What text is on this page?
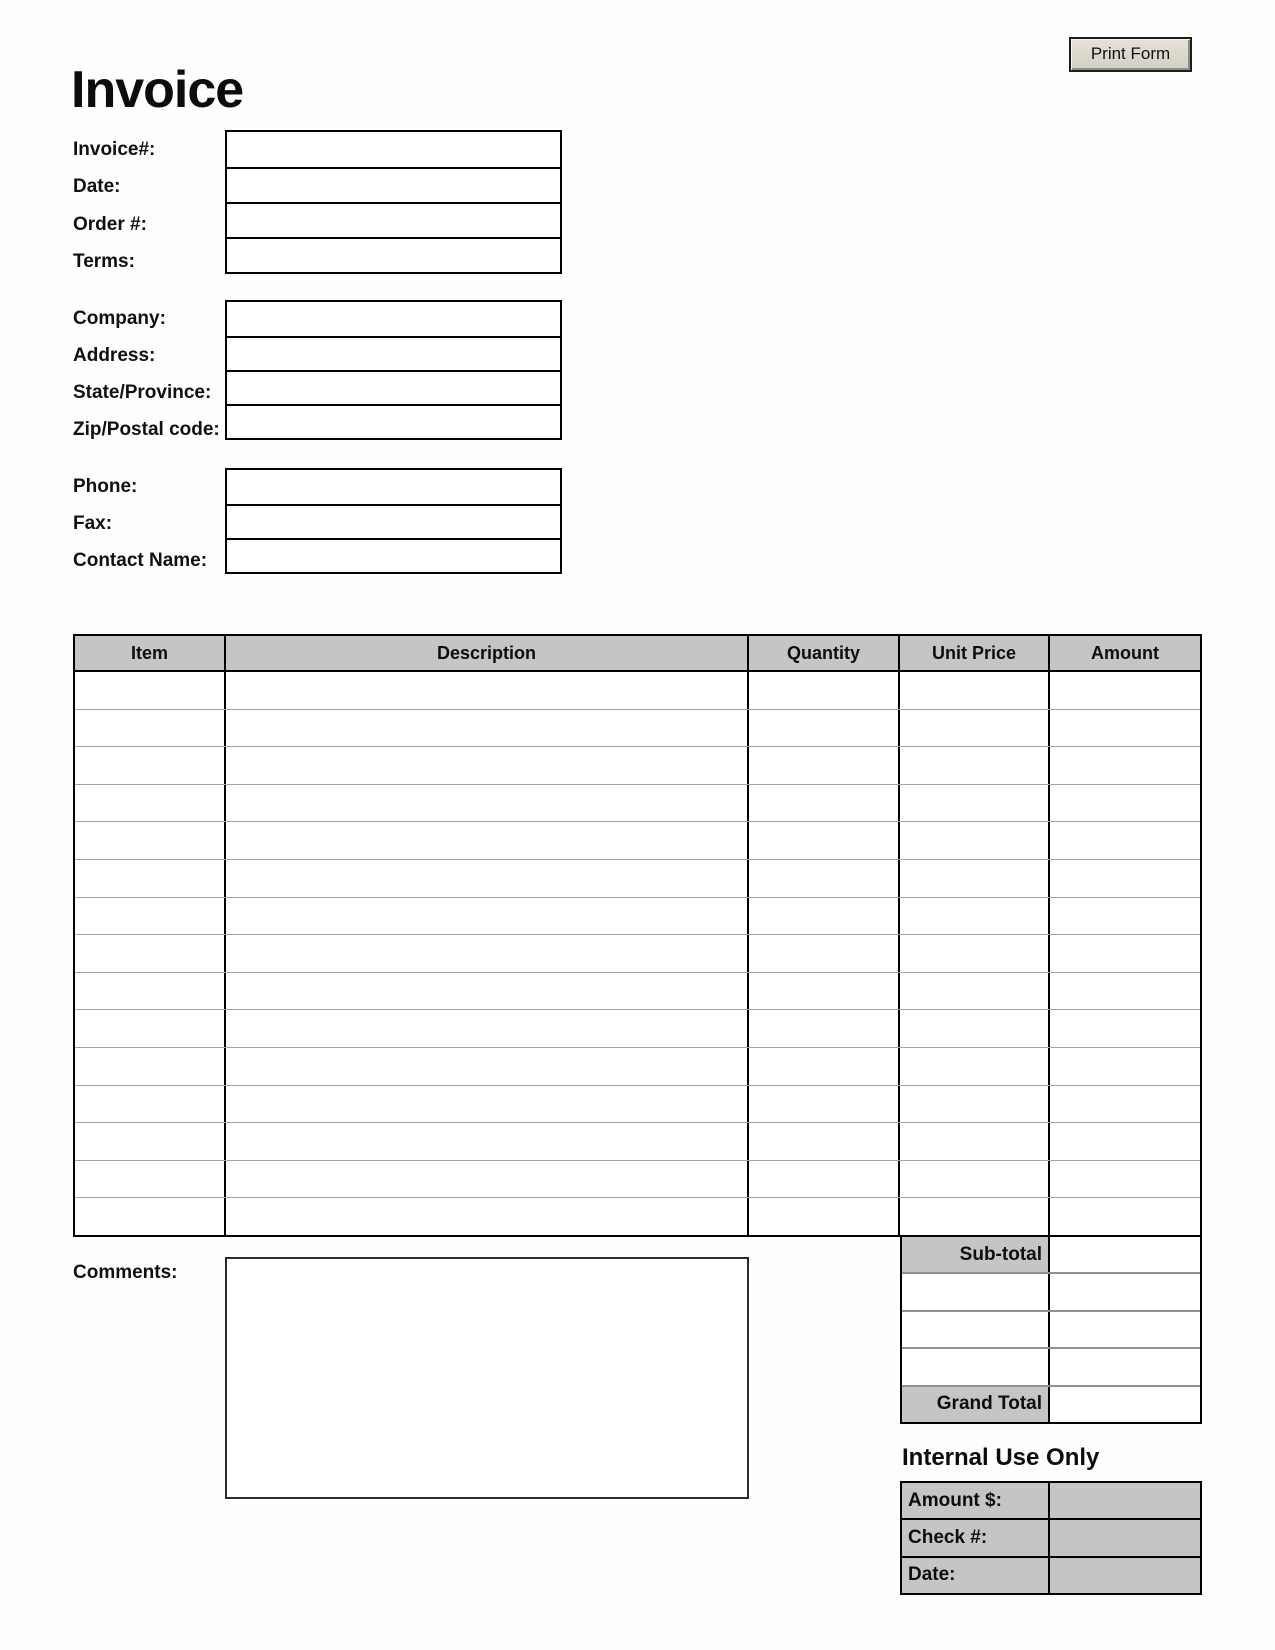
Print Form
Invoice
Invoice#:
Date:
Order #:
Terms:
Company:
Address:
State/Province:
Zip/Postal code:
Phone:
Fax:
Contact Name:
Item	Description	Quantity	Unit Price	Amount
Comments:
Sub-total
Grand Total
Internal Use Only
Amount $:
Check #:
Date:
